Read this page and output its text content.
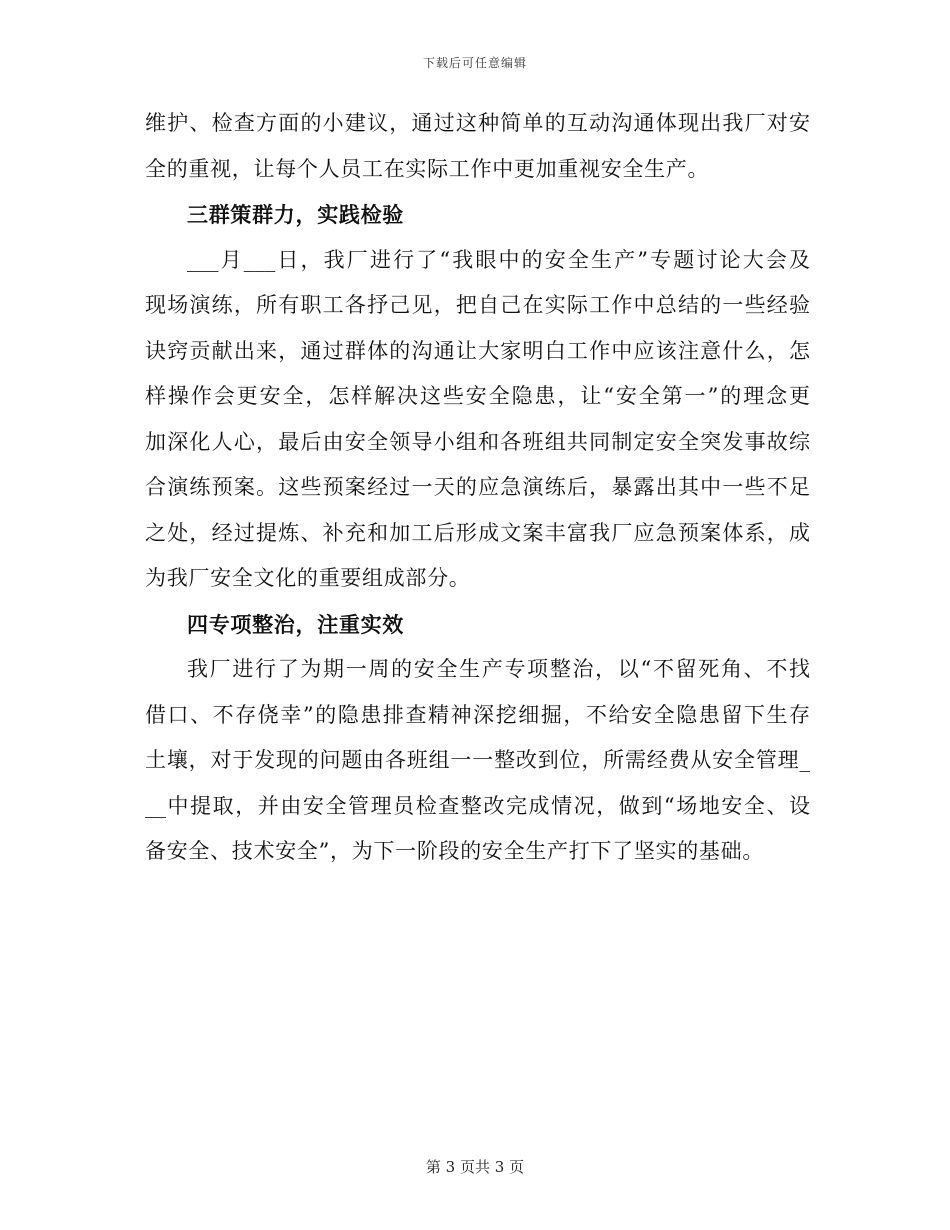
下载后可任意编辑
维护、检查方面的小建议，通过这种简单的互动沟通体现出我厂对安
全的重视，让每个人员工在实际工作中更加重视安全生产。
三群策群力，实践检验
___月___日，我厂进行了“我眼中的安全生产”专题讨论大会及
现场演练，所有职工各抒己见，把自己在实际工作中总结的一些经验
诀窍贡献出来，通过群体的沟通让大家明白工作中应该注意什么，怎
样操作会更安全，怎样解决这些安全隐患，让“安全第一”的理念更
加深化人心，最后由安全领导小组和各班组共同制定安全突发事故综
合演练预案。这些预案经过一天的应急演练后，暴露出其中一些不足
之处，经过提炼、补充和加工后形成文案丰富我厂应急预案体系，成
为我厂安全文化的重要组成部分。
四专项整治，注重实效
我厂进行了为期一周的安全生产专项整治，以“不留死角、不找
借口、不存侥幸”的隐患排查精神深挖细掘，不给安全隐患留下生存
土壤，对于发现的问题由各班组一一整改到位，所需经费从安全管理_
__中提取，并由安全管理员检查整改完成情况，做到“场地安全、设
备安全、技术安全”，为下一阶段的安全生产打下了坚实的基础。
第 3 页共 3 页
